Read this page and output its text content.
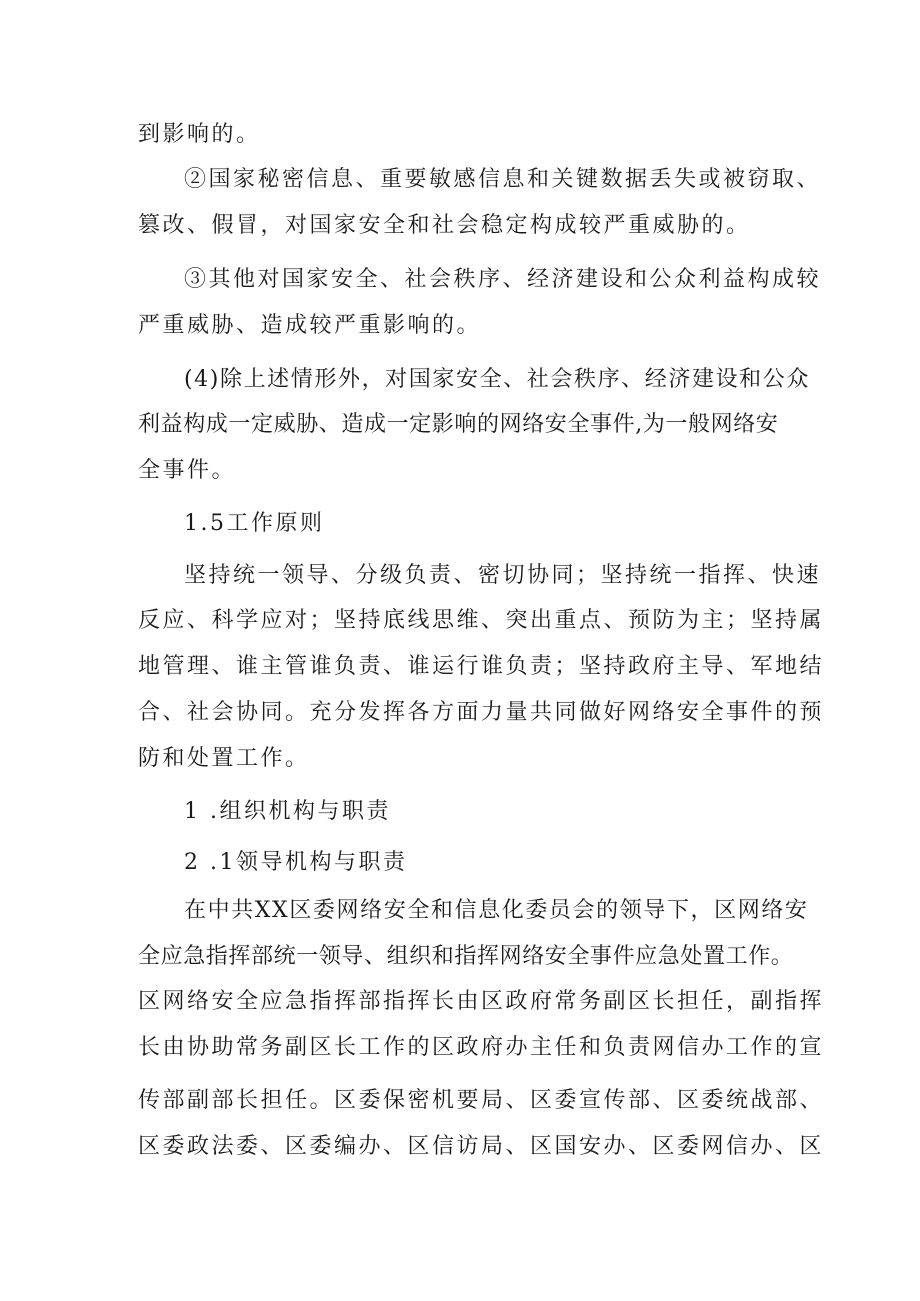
到影响的。
②国家秘密信息、重要敏感信息和关键数据丢失或被窃取、
篡改、假冒，对国家安全和社会稳定构成较严重威胁的。
③其他对国家安全、社会秩序、经济建设和公众利益构成较
严重威胁、造成较严重影响的。
(4)除上述情形外，对国家安全、社会秩序、经济建设和公众
利益构成一定威胁、造成一定影响的网络安全事件,为一般网络安
全事件。
1.5工作原则
坚持统一领导、分级负责、密切协同；坚持统一指挥、快速
反应、科学应对；坚持底线思维、突出重点、预防为主；坚持属
地管理、谁主管谁负责、谁运行谁负责；坚持政府主导、军地结
合、社会协同。充分发挥各方面力量共同做好网络安全事件的预
防和处置工作。
1 .组织机构与职责
2 .1领导机构与职责
在中共XX区委网络安全和信息化委员会的领导下，区网络安
全应急指挥部统一领导、组织和指挥网络安全事件应急处置工作。
区网络安全应急指挥部指挥长由区政府常务副区长担任，副指挥
长由协助常务副区长工作的区政府办主任和负责网信办工作的宣
传部副部长担任。区委保密机要局、区委宣传部、区委统战部、
区委政法委、区委编办、区信访局、区国安办、区委网信办、区
